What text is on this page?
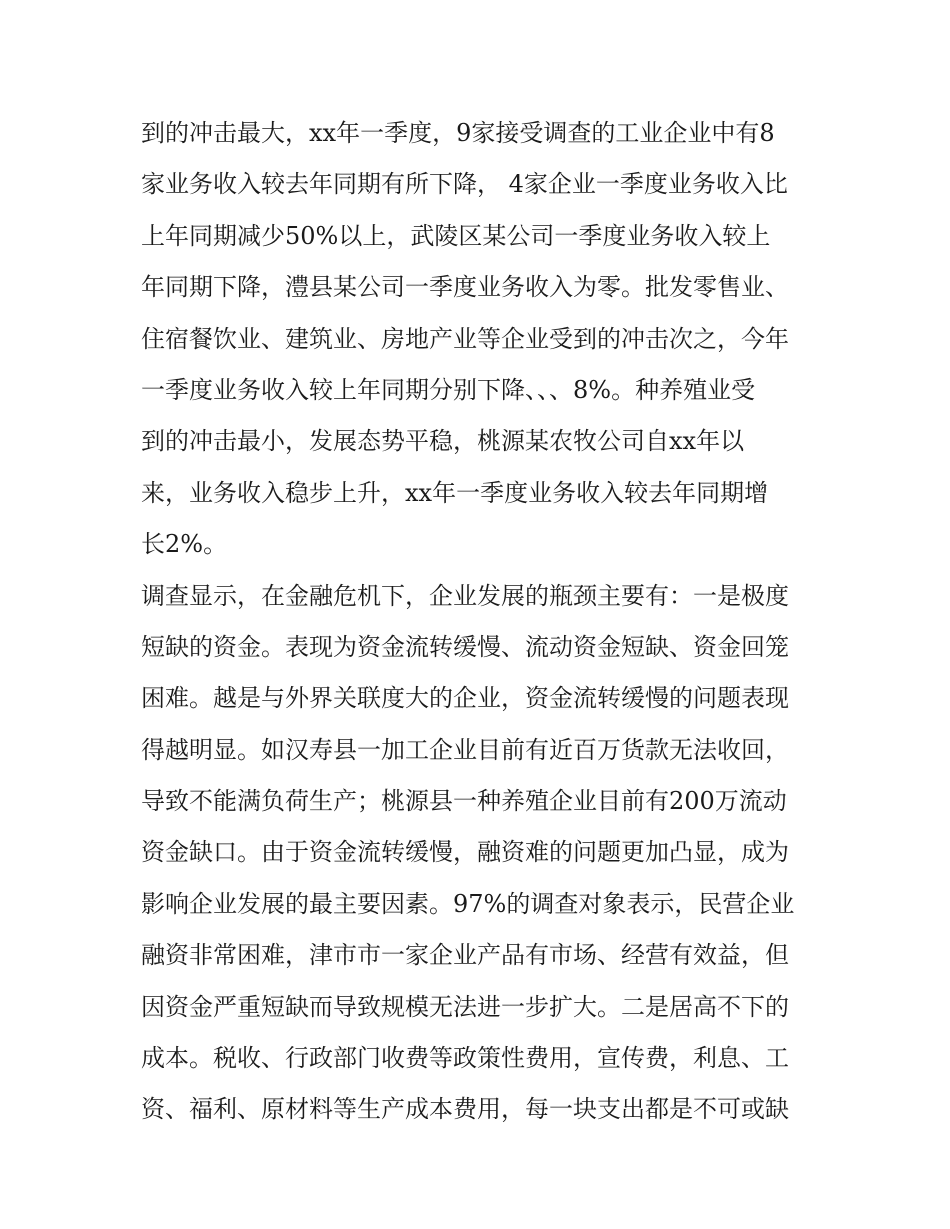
到的冲击最大，xx年一季度，9家接受调查的工业企业中有8
家业务收入较去年同期有所下降， 4家企业一季度业务收入比
上年同期减少50%以上，武陵区某公司一季度业务收入较上
年同期下降，澧县某公司一季度业务收入为零。批发零售业、
住宿餐饮业、建筑业、房地产业等企业受到的冲击次之，今年
一季度业务收入较上年同期分别下降、、、8%。种养殖业受
到的冲击最小，发展态势平稳，桃源某农牧公司自xx年以
来，业务收入稳步上升，xx年一季度业务收入较去年同期增
长2%。
调查显示，在金融危机下，企业发展的瓶颈主要有：一是极度
短缺的资金。表现为资金流转缓慢、流动资金短缺、资金回笼
困难。越是与外界关联度大的企业，资金流转缓慢的问题表现
得越明显。如汉寿县一加工企业目前有近百万货款无法收回，
导致不能满负荷生产；桃源县一种养殖企业目前有200万流动
资金缺口。由于资金流转缓慢，融资难的问题更加凸显，成为
影响企业发展的最主要因素。97%的调查对象表示，民营企业
融资非常困难，津市市一家企业产品有市场、经营有效益，但
因资金严重短缺而导致规模无法进一步扩大。二是居高不下的
成本。税收、行政部门收费等政策性费用，宣传费，利息、工
资、福利、原材料等生产成本费用，每一块支出都是不可或缺
